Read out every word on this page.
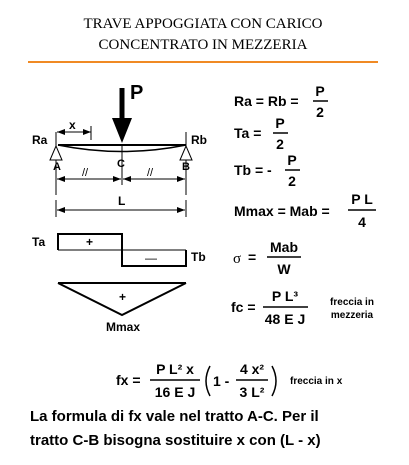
TRAVE APPOGGIATA CON CARICO
CONCENTRATO IN MEZZERIA
P
Ra	Rb
A	C	B
x
//	//
L
Ta
Tb
+
—
+
Mmax
Ra = Rb =
P
2
Ta =
P
2
Tb = -
P
2
Mmax = Mab =
P L
4
σ =
Mab
W
fc =
P L³
48 E J
freccia in
mezzeria
fx =
P L² x
16 E J
1 -
4 x²
3 L²
freccia in x
La formula di fx vale nel tratto A-C. Per il
tratto C-B bisogna sostituire x con (L - x)
